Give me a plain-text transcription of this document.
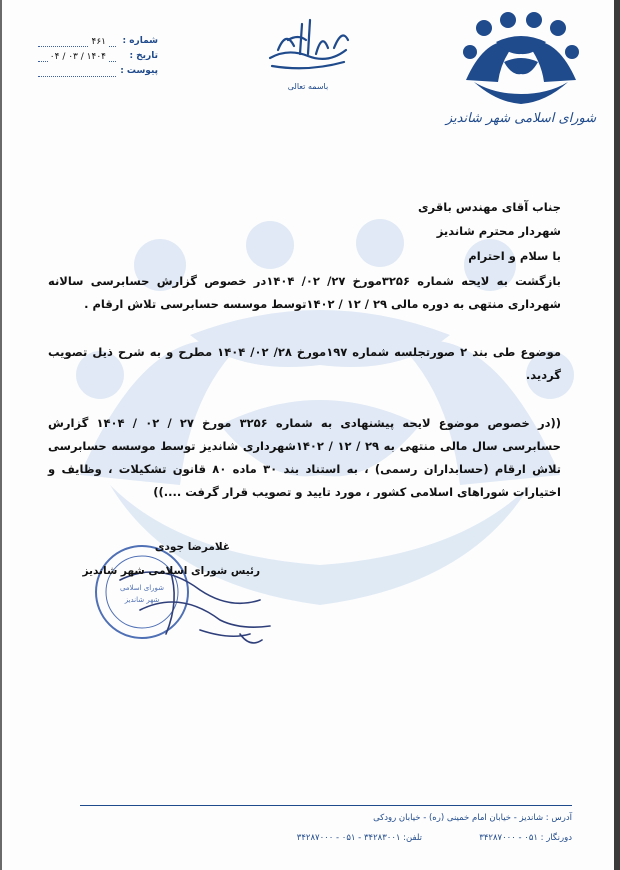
شورای اسلامی شهر شاندیز
باسمه تعالی
شماره :
۴۶۱
تاریخ :
۱۴۰۴ / ۰۳ / ۰۴
پیوست :
جناب آقای مهندس باقری
شهردار محترم شاندیز
با سلام و احترام
بازگشت به لایحه شماره ۳۲۵۶مورخ ۲۷/ ۰۲/ ۱۴۰۴در خصوص گزارش حسابرسی سالانه شهرداری منتهی به دوره مالی ۲۹ / ۱۲ / ۱۴۰۲توسط موسسه حسابرسی تلاش ارقام .
موضوع طی بند ۲ صورتجلسه شماره ۱۹۷مورخ ۲۸/ ۰۲/ ۱۴۰۴ مطرح و به شرح ذیل تصویب گردید.
((در خصوص موضوع لایحه پیشنهادی به شماره ۳۲۵۶ مورخ ۲۷ / ۰۲ / ۱۴۰۴ گزارش حسابرسی سال مالی منتهی به ۲۹ / ۱۲ / ۱۴۰۲شهرداری شاندیز توسط موسسه حسابرسی تلاش ارقام (حسابداران رسمی) ، به استناد بند ۳۰ ماده ۸۰ قانون تشکیلات ، وظایف و اختیارات شوراهای اسلامی کشور ، مورد تایید و تصویب قرار گرفت ....))
شورای اسلامی
شهر شاندیز
غلامرضا جودی
رئیس شورای اسلامی شهر شاندیز
آدرس : شاندیز - خیابان امام خمینی (ره) - خیابان رودکی
تلفن: ۳۴۲۸۳۰۰۱ - ۰۵۱ - ۳۴۲۸۷۰۰۰	دورنگار : ۰۵۱ - ۳۴۲۸۷۰۰۰
